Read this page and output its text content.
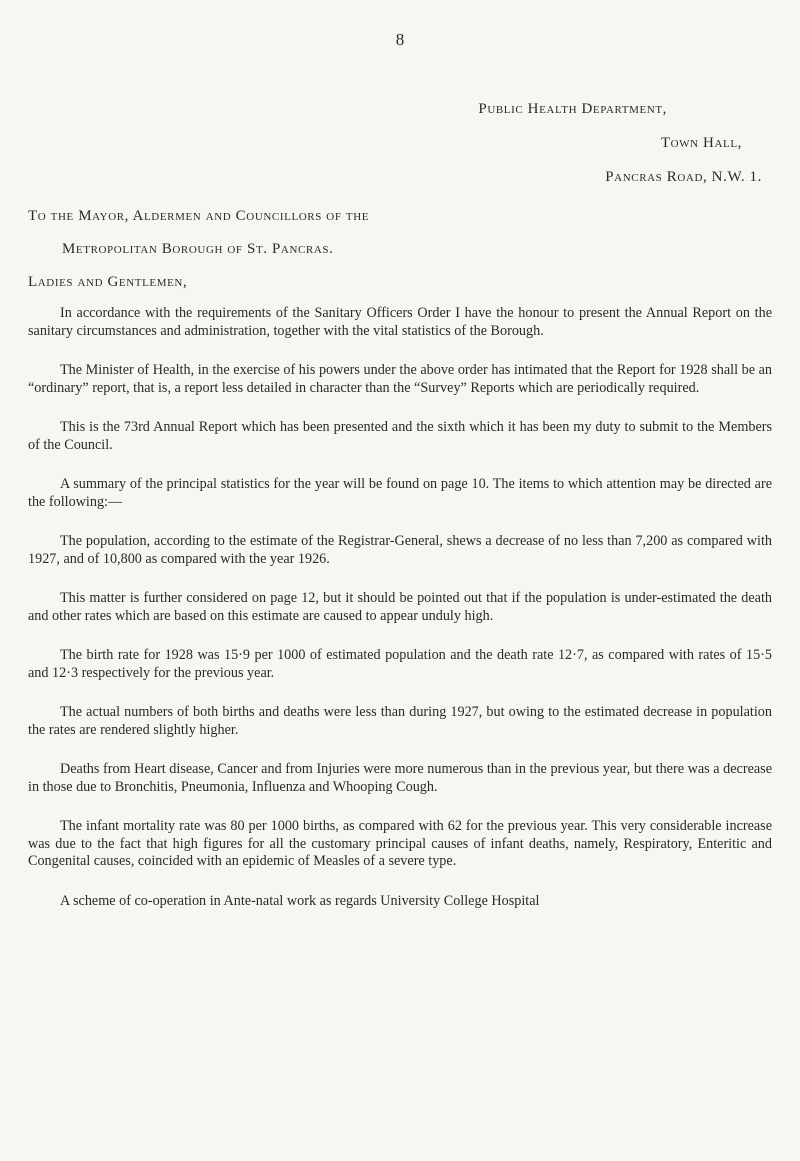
8
Public Health Department,
Town Hall,
Pancras Road, N.W. 1.
To the Mayor, Aldermen and Councillors of the
Metropolitan Borough of St. Pancras.
Ladies and Gentlemen,

In accordance with the requirements of the Sanitary Officers Order I have the honour to present the Annual Report on the sanitary circumstances and administration, together with the vital statistics of the Borough.

The Minister of Health, in the exercise of his powers under the above order has intimated that the Report for 1928 shall be an “ordinary” report, that is, a report less detailed in character than the “Survey” Reports which are periodically required.

This is the 73rd Annual Report which has been presented and the sixth which it has been my duty to submit to the Members of the Council.

A summary of the principal statistics for the year will be found on page 10. The items to which attention may be directed are the following:—

The population, according to the estimate of the Registrar-General, shews a decrease of no less than 7,200 as compared with 1927, and of 10,800 as compared with the year 1926.

This matter is further considered on page 12, but it should be pointed out that if the population is under-estimated the death and other rates which are based on this estimate are caused to appear unduly high.

The birth rate for 1928 was 15·9 per 1000 of estimated population and the death rate 12·7, as compared with rates of 15·5 and 12·3 respectively for the previous year.

The actual numbers of both births and deaths were less than during 1927, but owing to the estimated decrease in population the rates are rendered slightly higher.

Deaths from Heart disease, Cancer and from Injuries were more numerous than in the previous year, but there was a decrease in those due to Bronchitis, Pneumonia, Influenza and Whooping Cough.

The infant mortality rate was 80 per 1000 births, as compared with 62 for the previous year. This very considerable increase was due to the fact that high figures for all the customary principal causes of infant deaths, namely, Respiratory, Enteritic and Congenital causes, coincided with an epidemic of Measles of a severe type.

A scheme of co-operation in Ante-natal work as regards University College Hospital
